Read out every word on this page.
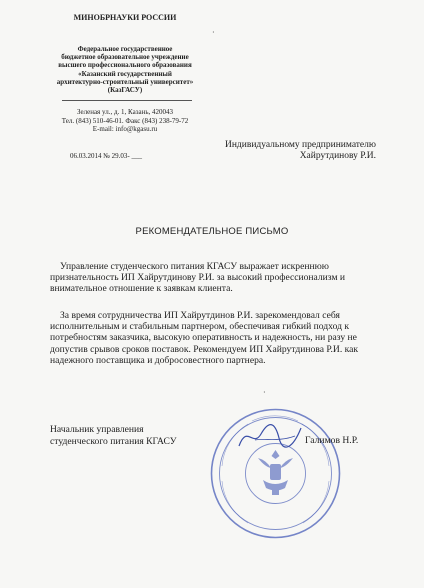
МИНОБРНАУКИ РОССИИ
Федеральное государственное
бюджетное образовательное учреждение
высшего профессионального образования
«Казанский государственный
архитектурно-строительный университет»
(КазГАСУ)
Зеленая ул., д. 1, Казань, 420043
Тел. (843) 510-46-01. Факс (843) 238-79-72
E-mail: info@kgasu.ru
06.03.2014 № 29.03- ___
Индивидуальному предпринимателю
Хайрутдинову Р.И.
РЕКОМЕНДАТЕЛЬНОЕ ПИСЬМО
Управление студенческого питания КГАСУ выражает искреннюю признательность ИП Хайрутдинову Р.И. за высокий профессионализм и внимательное отношение к заявкам клиента.
За время сотрудничества ИП Хайрутдинов Р.И. зарекомендовал себя исполнительным и стабильным партнером, обеспечивая гибкий подход к потребностям заказчика, высокую оперативность и надежность, ни разу не допустив срывов сроков поставок. Рекомендуем ИП Хайрутдинова Р.И. как надежного поставщика и добросовестного партнера.
Начальник управления
студенческого питания КГАСУ	Галимов Н.Р.
·
·
